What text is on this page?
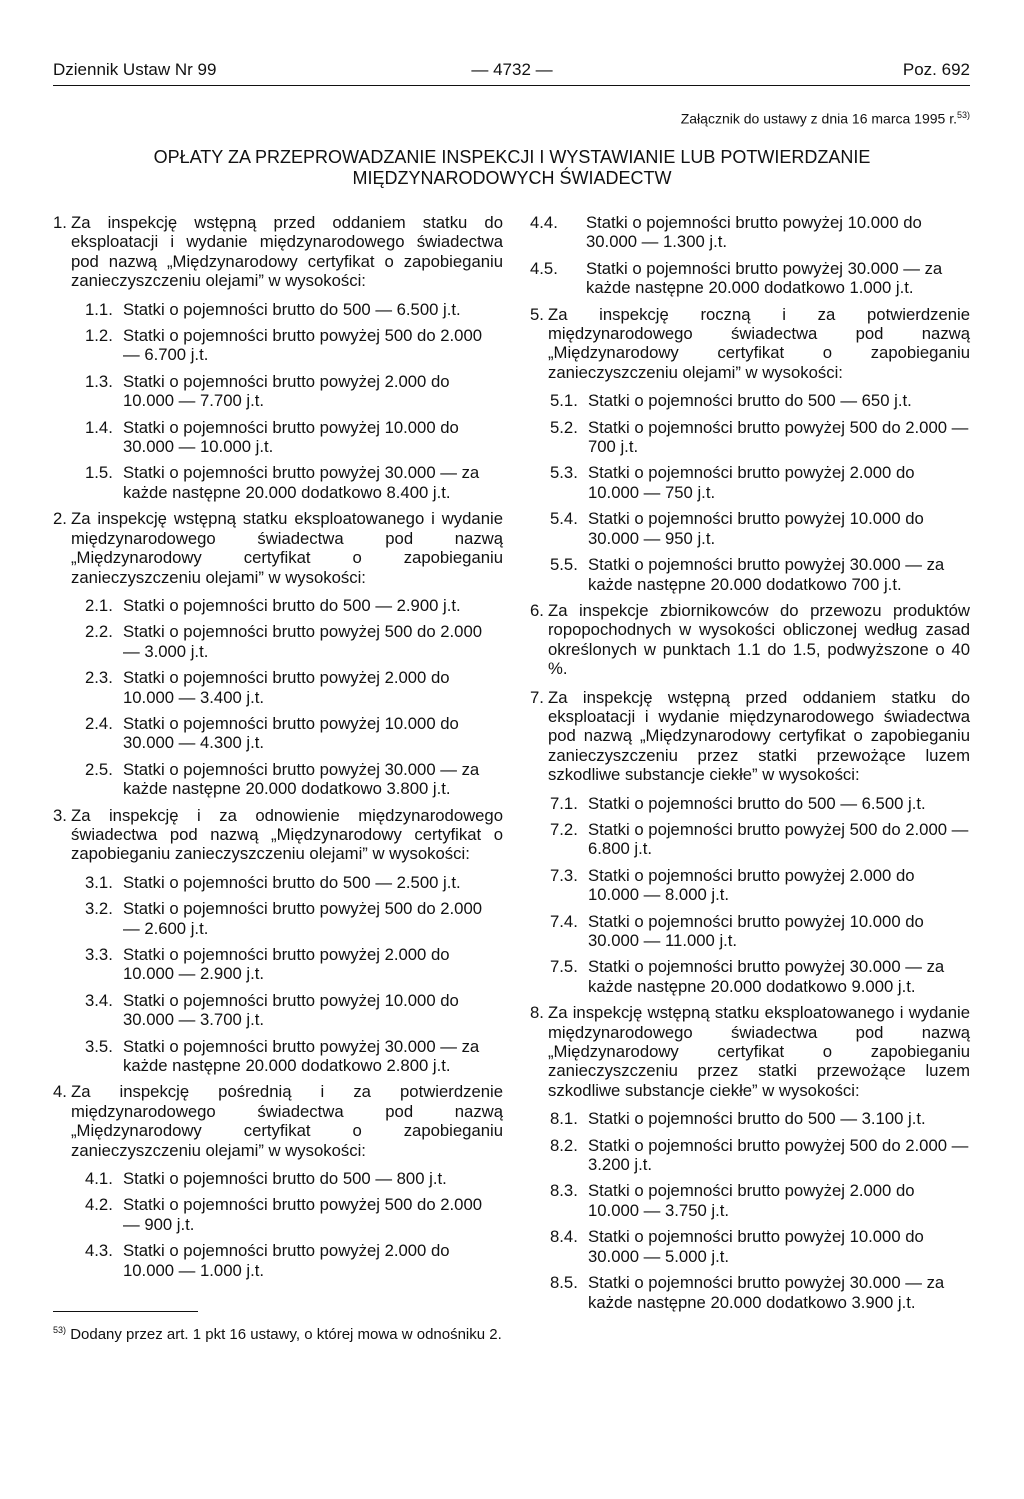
Dziennik Ustaw Nr 99	— 4732 —	Poz. 692
Załącznik do ustawy z dnia 16 marca 1995 r.$^{53)}$
OPŁATY ZA PRZEPROWADZANIE INSPEKCJI I WYSTAWIANIE LUB POTWIERDZANIE
MIĘDZYNARODOWYCH ŚWIADECTW
1. Za inspekcję wstępną przed oddaniem statku do eksploatacji i wydanie międzynarodowego świadectwa pod nazwą „Międzynarodowy certyfikat o zapobieganiu zanieczyszczeniu olejami” w wysokości:
1.1. Statki o pojemności brutto do 500 — 6.500 j.t.
1.2. Statki o pojemności brutto powyżej 500 do 2.000 — 6.700 j.t.
1.3. Statki o pojemności brutto powyżej 2.000 do 10.000 — 7.700 j.t.
1.4. Statki o pojemności brutto powyżej 10.000 do 30.000 — 10.000 j.t.
1.5. Statki o pojemności brutto powyżej 30.000 — za każde następne 20.000 dodatkowo 8.400 j.t.
2. Za inspekcję wstępną statku eksploatowanego i wydanie międzynarodowego świadectwa pod nazwą „Międzynarodowy certyfikat o zapobieganiu zanieczyszczeniu olejami” w wysokości:
2.1. Statki o pojemności brutto do 500 — 2.900 j.t.
2.2. Statki o pojemności brutto powyżej 500 do 2.000 — 3.000 j.t.
2.3. Statki o pojemności brutto powyżej 2.000 do 10.000 — 3.400 j.t.
2.4. Statki o pojemności brutto powyżej 10.000 do 30.000 — 4.300 j.t.
2.5. Statki o pojemności brutto powyżej 30.000 — za każde następne 20.000 dodatkowo 3.800 j.t.
3. Za inspekcję i za odnowienie międzynarodowego świadectwa pod nazwą „Międzynarodowy certyfikat o zapobieganiu zanieczyszczeniu olejami” w wysokości:
3.1. Statki o pojemności brutto do 500 — 2.500 j.t.
3.2. Statki o pojemności brutto powyżej 500 do 2.000 — 2.600 j.t.
3.3. Statki o pojemności brutto powyżej 2.000 do 10.000 — 2.900 j.t.
3.4. Statki o pojemności brutto powyżej 10.000 do 30.000 — 3.700 j.t.
3.5. Statki o pojemności brutto powyżej 30.000 — za każde następne 20.000 dodatkowo 2.800 j.t.
4. Za inspekcję pośrednią i za potwierdzenie międzynarodowego świadectwa pod nazwą „Międzynarodowy certyfikat o zapobieganiu zanieczyszczeniu olejami” w wysokości:
4.1. Statki o pojemności brutto do 500 — 800 j.t.
4.2. Statki o pojemności brutto powyżej 500 do 2.000 — 900 j.t.
4.3. Statki o pojemności brutto powyżej 2.000 do 10.000 — 1.000 j.t.
4.4. Statki o pojemności brutto powyżej 10.000 do 30.000 — 1.300 j.t.
4.5. Statki o pojemności brutto powyżej 30.000 — za każde następne 20.000 dodatkowo 1.000 j.t.
5. Za inspekcję roczną i za potwierdzenie międzynarodowego świadectwa pod nazwą „Międzynarodowy certyfikat o zapobieganiu zanieczyszczeniu olejami” w wysokości:
5.1. Statki o pojemności brutto do 500 — 650 j.t.
5.2. Statki o pojemności brutto powyżej 500 do 2.000 — 700 j.t.
5.3. Statki o pojemności brutto powyżej 2.000 do 10.000 — 750 j.t.
5.4. Statki o pojemności brutto powyżej 10.000 do 30.000 — 950 j.t.
5.5. Statki o pojemności brutto powyżej 30.000 — za każde następne 20.000 dodatkowo 700 j.t.
6. Za inspekcje zbiornikowców do przewozu produktów ropopochodnych w wysokości obliczonej według zasad określonych w punktach 1.1 do 1.5, podwyższone o 40 %.
7. Za inspekcję wstępną przed oddaniem statku do eksploatacji i wydanie międzynarodowego świadectwa pod nazwą „Międzynarodowy certyfikat o zapobieganiu zanieczyszczeniu przez statki przewożące luzem szkodliwe substancje ciekłe” w wysokości:
7.1. Statki o pojemności brutto do 500 — 6.500 j.t.
7.2. Statki o pojemności brutto powyżej 500 do 2.000 — 6.800 j.t.
7.3. Statki o pojemności brutto powyżej 2.000 do 10.000 — 8.000 j.t.
7.4. Statki o pojemności brutto powyżej 10.000 do 30.000 — 11.000 j.t.
7.5. Statki o pojemności brutto powyżej 30.000 — za każde następne 20.000 dodatkowo 9.000 j.t.
8. Za inspekcję wstępną statku eksploatowanego i wydanie międzynarodowego świadectwa pod nazwą „Międzynarodowy certyfikat o zapobieganiu zanieczyszczeniu przez statki przewożące luzem szkodliwe substancje ciekłe” w wysokości:
8.1. Statki o pojemności brutto do 500 — 3.100 j.t.
8.2. Statki o pojemności brutto powyżej 500 do 2.000 — 3.200 j.t.
8.3. Statki o pojemności brutto powyżej 2.000 do 10.000 — 3.750 j.t.
8.4. Statki o pojemności brutto powyżej 10.000 do 30.000 — 5.000 j.t.
8.5. Statki o pojemności brutto powyżej 30.000 — za każde następne 20.000 dodatkowo 3.900 j.t.
$^{53)}$ Dodany przez art. 1 pkt 16 ustawy, o której mowa w odnośniku 2.
